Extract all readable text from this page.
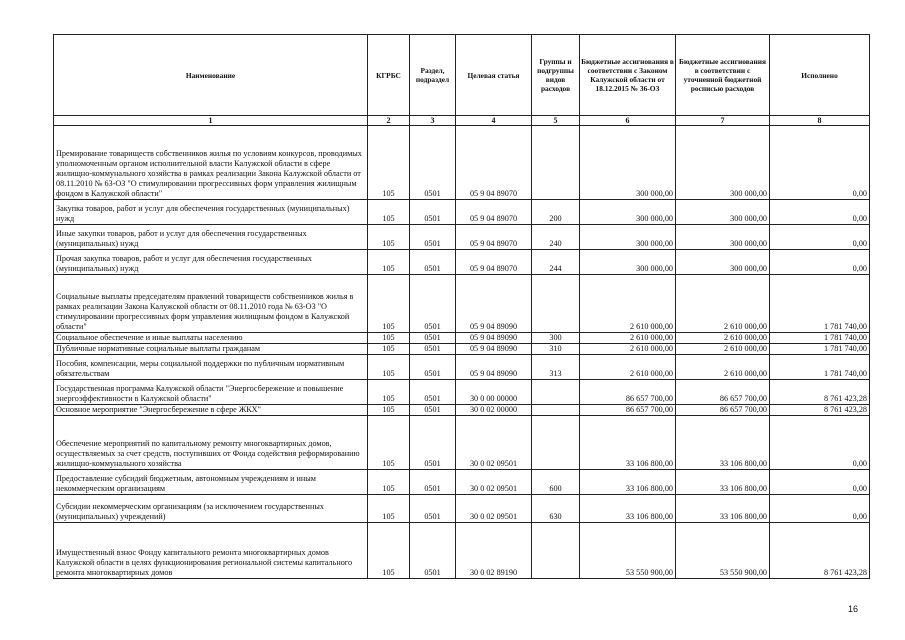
Наименование	КГРБС	Раздел, подраздел	Целевая статья	Группы и подгруппы видов расходов	Бюджетные ассигнования в соответствии с Законом Калужской области от 18.12.2015 № 36-ОЗ	Бюджетные ассигнования в соответствии с уточненной бюджетной росписью расходов	Исполнено
1	2	3	4	5	6	7	8
Премирование товариществ собственников жилья по условиям конкурсов, проводимых уполномоченным органом исполнительной власти Калужской области в сфере жилищно-коммунального хозяйства в рамках реализации Закона Калужской области от 08.11.2010 № 63-ОЗ "О стимулировании прогрессивных форм управления жилищным фондом в Калужской области"	105	0501	05 9 04 89070		300 000,00	300 000,00	0,00
Закупка товаров, работ и услуг для обеспечения государственных (муниципальных) нужд	105	0501	05 9 04 89070	200	300 000,00	300 000,00	0,00
Иные закупки товаров, работ и услуг для обеспечения государственных (муниципальных) нужд	105	0501	05 9 04 89070	240	300 000,00	300 000,00	0,00
Прочая закупка товаров, работ и услуг для обеспечения государственных (муниципальных) нужд	105	0501	05 9 04 89070	244	300 000,00	300 000,00	0,00
Социальные выплаты председателям правлений товариществ собственников жилья в рамках реализации Закона Калужской области от 08.11.2010 года № 63-ОЗ "О стимулировании прогрессивных форм управления жилищным фондом в Калужской области"	105	0501	05 9 04 89090		2 610 000,00	2 610 000,00	1 781 740,00
Социальное обеспечение и иные выплаты населению	105	0501	05 9 04 89090	300	2 610 000,00	2 610 000,00	1 781 740,00
Публичные нормативные социальные выплаты гражданам	105	0501	05 9 04 89090	310	2 610 000,00	2 610 000,00	1 781 740,00
Пособия, компенсации, меры социальной поддержки по публичным нормативным обязательствам	105	0501	05 9 04 89090	313	2 610 000,00	2 610 000,00	1 781 740,00
Государственная программа Калужской области "Энергосбережение и повышение энергоэффективности в Калужской области"	105	0501	30 0 00 00000		86 657 700,00	86 657 700,00	8 761 423,28
Основное мероприятие "Энергосбережение в сфере ЖКХ"	105	0501	30 0 02 00000		86 657 700,00	86 657 700,00	8 761 423,28
Обеспечение мероприятий по капитальному ремонту многоквартирных домов, осуществляемых за счет средств, поступивших от Фонда содействия реформированию жилищно-коммунального хозяйства	105	0501	30 0 02 09501		33 106 800,00	33 106 800,00	0,00
Предоставление субсидий бюджетным, автономным учреждениям и иным некоммерческим организациям	105	0501	30 0 02 09501	600	33 106 800,00	33 106 800,00	0,00
Субсидии некоммерческим организациям (за исключением государственных (муниципальных) учреждений)	105	0501	30 0 02 09501	630	33 106 800,00	33 106 800,00	0,00
Имущественный взнос Фонду капитального ремонта многоквартирных домов Калужской области в целях функционирования региональной системы капитального ремонта многоквартирных домов	105	0501	30 0 02 89190		53 550 900,00	53 550 900,00	8 761 423,28
16
